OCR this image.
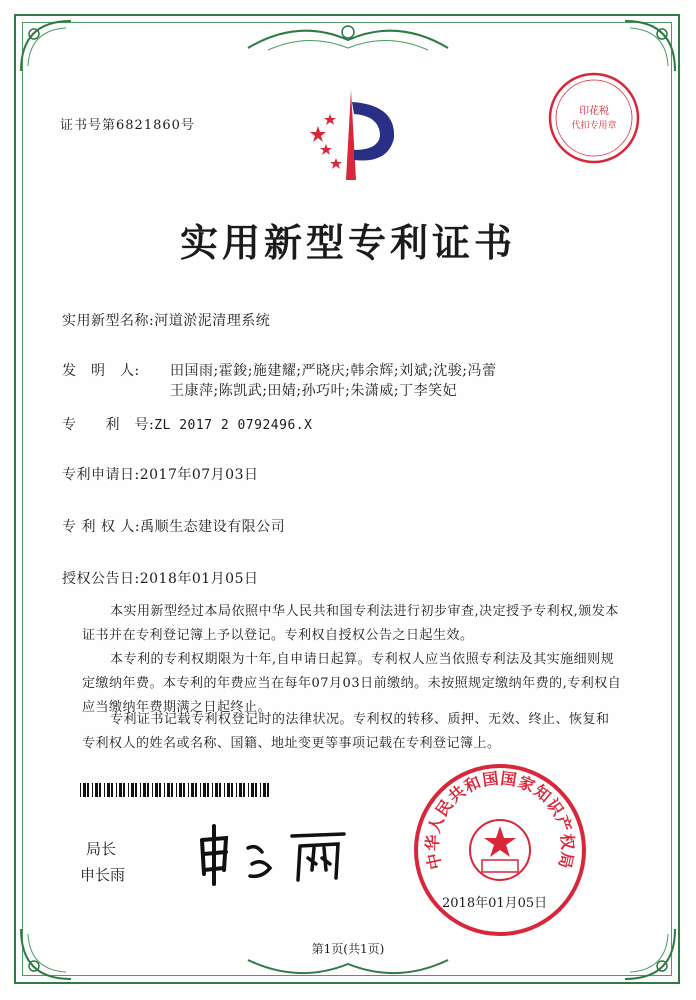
证书号第6821860号
印花税
代扣专用章
实用新型专利证书
实用新型名称:河道淤泥清理系统
发　明　人: 田国雨;霍鋑;施建耀;严晓庆;韩余辉;刘斌;沈骏;冯蕾
王康萍;陈凯武;田婧;孙巧叶;朱潇威;丁李笑妃
专　　利　号:ZL 2017 2 0792496.X
专利申请日:2017年07月03日
专 利 权 人:禹顺生态建设有限公司
授权公告日:2018年01月05日
本实用新型经过本局依照中华人民共和国专利法进行初步审查,决定授予专利权,颁发本证书并在专利登记簿上予以登记。专利权自授权公告之日起生效。
本专利的专利权期限为十年,自申请日起算。专利权人应当依照专利法及其实施细则规定缴纳年费。本专利的年费应当在每年07月03日前缴纳。未按照规定缴纳年费的,专利权自应当缴纳年费期满之日起终止。
专利证书记载专利权登记时的法律状况。专利权的转移、质押、无效、终止、恢复和专利权人的姓名或名称、国籍、地址变更等事项记载在专利登记簿上。
局长
申长雨
中华人民共和国国家知识产权局
2018年01月05日
第1页(共1页)
